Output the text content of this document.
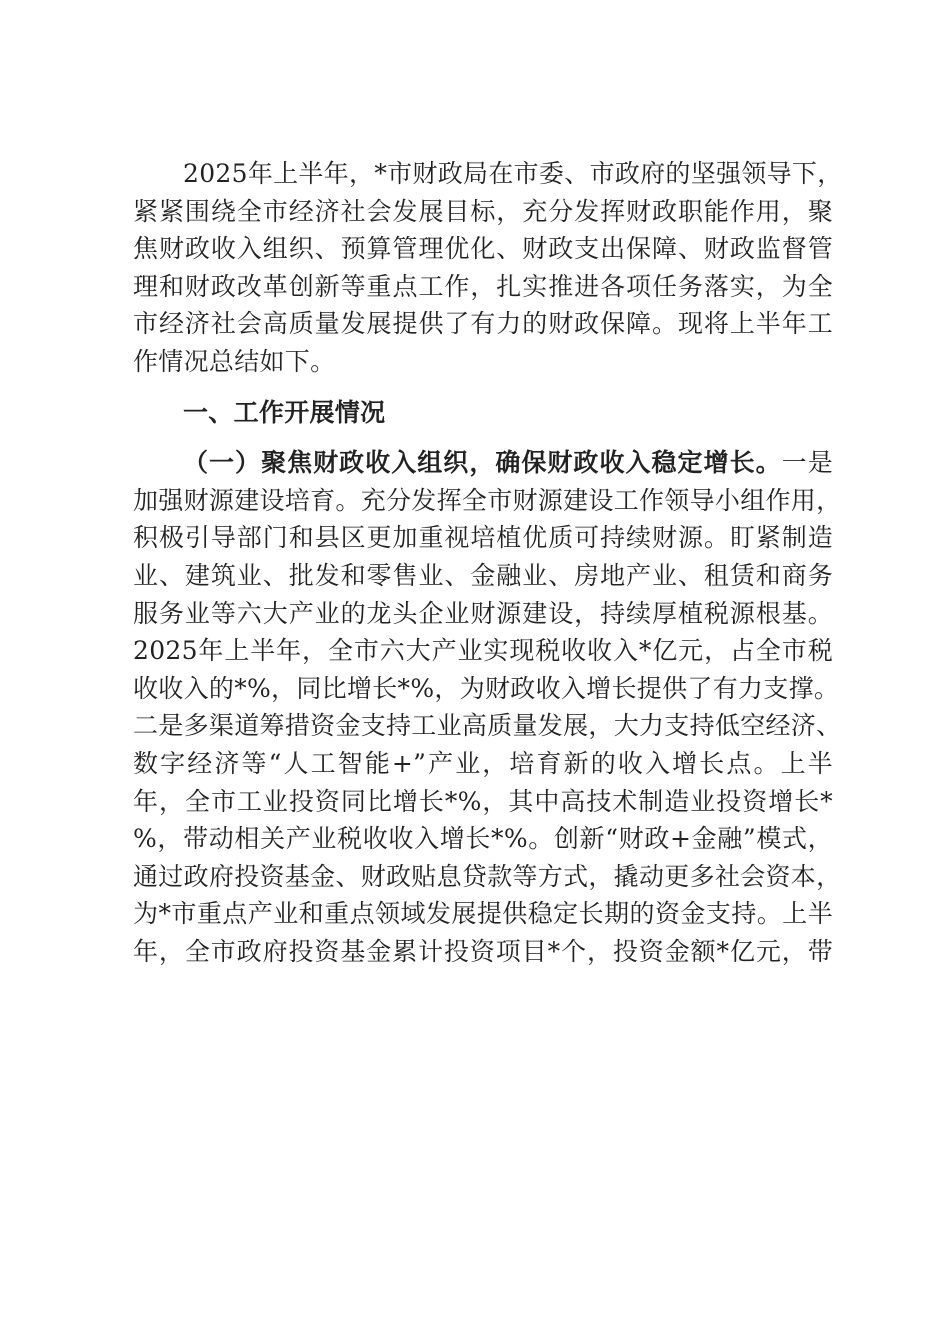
2025年上半年，*市财政局在市委、市政府的坚强领导下，
紧紧围绕全市经济社会发展目标，充分发挥财政职能作用，聚
焦财政收入组织、预算管理优化、财政支出保障、财政监督管
理和财政改革创新等重点工作，扎实推进各项任务落实，为全
市经济社会高质量发展提供了有力的财政保障。现将上半年工
作情况总结如下。
一、工作开展情况
（一）聚焦财政收入组织，确保财政收入稳定增长。一是
加强财源建设培育。充分发挥全市财源建设工作领导小组作用，
积极引导部门和县区更加重视培植优质可持续财源。盯紧制造
业、建筑业、批发和零售业、金融业、房地产业、租赁和商务
服务业等六大产业的龙头企业财源建设，持续厚植税源根基。
2025年上半年，全市六大产业实现税收收入*亿元，占全市税
收收入的*%，同比增长*%，为财政收入增长提供了有力支撑。
二是多渠道筹措资金支持工业高质量发展，大力支持低空经济、
数字经济等“人工智能+”产业，培育新的收入增长点。上半
年，全市工业投资同比增长*%，其中高技术制造业投资增长*
%，带动相关产业税收收入增长*%。创新“财政+金融”模式，
通过政府投资基金、财政贴息贷款等方式，撬动更多社会资本，
为*市重点产业和重点领域发展提供稳定长期的资金支持。上半
年，全市政府投资基金累计投资项目*个，投资金额*亿元，带
